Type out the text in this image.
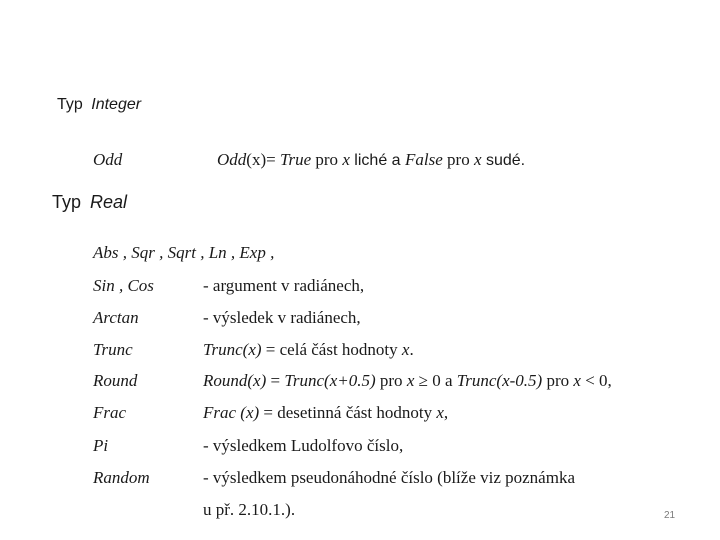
Typ Integer
Odd	Odd(x)= True pro x liché a False pro x sudé.
Typ Real
Abs , Sqr , Sqrt , Ln , Exp ,
Sin , Cos	- argument v radiánech,
Arctan	- výsledek v radiánech,
Trunc	Trunc(x) = celá část hodnoty x.
Round	Round(x) = Trunc(x+0.5) pro x ≥ 0 a Trunc(x-0.5) pro x < 0,
Frac	Frac (x) = desetinná část hodnoty x,
Pi	- výsledkem Ludolfovo číslo,
Random	- výsledkem pseudonáhodné číslo (blíže viz poznámka
u př. 2.10.1.).	21
